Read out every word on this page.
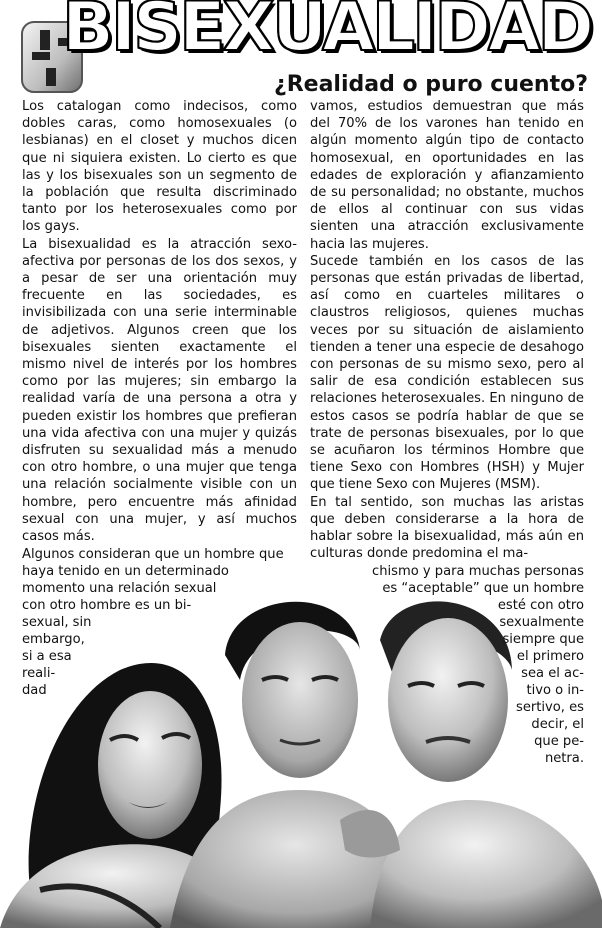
BISEXUALIDAD
¿Realidad o puro cuento?

Los catalogan como indecisos, como dobles caras, como homosexuales (o lesbianas) en el closet y muchos dicen que ni siquiera existen. Lo cierto es que las y los bisexuales son un segmento de la población que resulta discriminado tanto por los heterosexuales como por los gays.

La bisexualidad es la atracción sexo-afectiva por personas de los dos sexos, y a pesar de ser una orientación muy frecuente en las sociedades, es invisibilizada con una serie interminable de adjetivos. Algunos creen que los bisexuales sienten exactamente el mismo nivel de interés por los hombres como por las mujeres; sin embargo la realidad varía de una persona a otra y pueden existir los hombres que prefieran una vida afectiva con una mujer y quizás disfruten su sexualidad más a menudo con otro hombre, o una mujer que tenga una relación socialmente visible con un hombre, pero encuentre más afinidad sexual con una mujer, y así muchos casos más.

vamos, estudios demuestran que más del 70% de los varones han tenido en algún momento algún tipo de contacto homosexual, en oportunidades en las edades de exploración y afianzamiento de su personalidad; no obstante, muchos de ellos al continuar con sus vidas sienten una atracción exclusivamente hacia las mujeres.

Sucede también en los casos de las personas que están privadas de libertad, así como en cuarteles militares o claustros religiosos, quienes muchas veces por su situación de aislamiento tienden a tener una especie de desahogo con personas de su mismo sexo, pero al salir de esa condición establecen sus relaciones heterosexuales. En ninguno de estos casos se podría hablar de que se trate de personas bisexuales, por lo que se acuñaron los términos Hombre que tiene Sexo con Hombres (HSH) y Mujer que tiene Sexo con Mujeres (MSM).

En tal sentido, son muchas las aristas que deben considerarse a la hora de hablar sobre la bisexualidad, más aún en culturas donde predomina el ma-

Algunos consideran que un hombre que
haya tenido en un determinado
momento una relación sexual
con otro hombre es un bi-
sexual, sin
embargo,
si a esa
reali-
dad
chismo y para muchas personas
es “aceptable” que un hombre
esté con otro
sexualmente
siempre que
el primero
sea el ac-
tivo o in-
sertivo, es
decir, el
que pe-
netra.
